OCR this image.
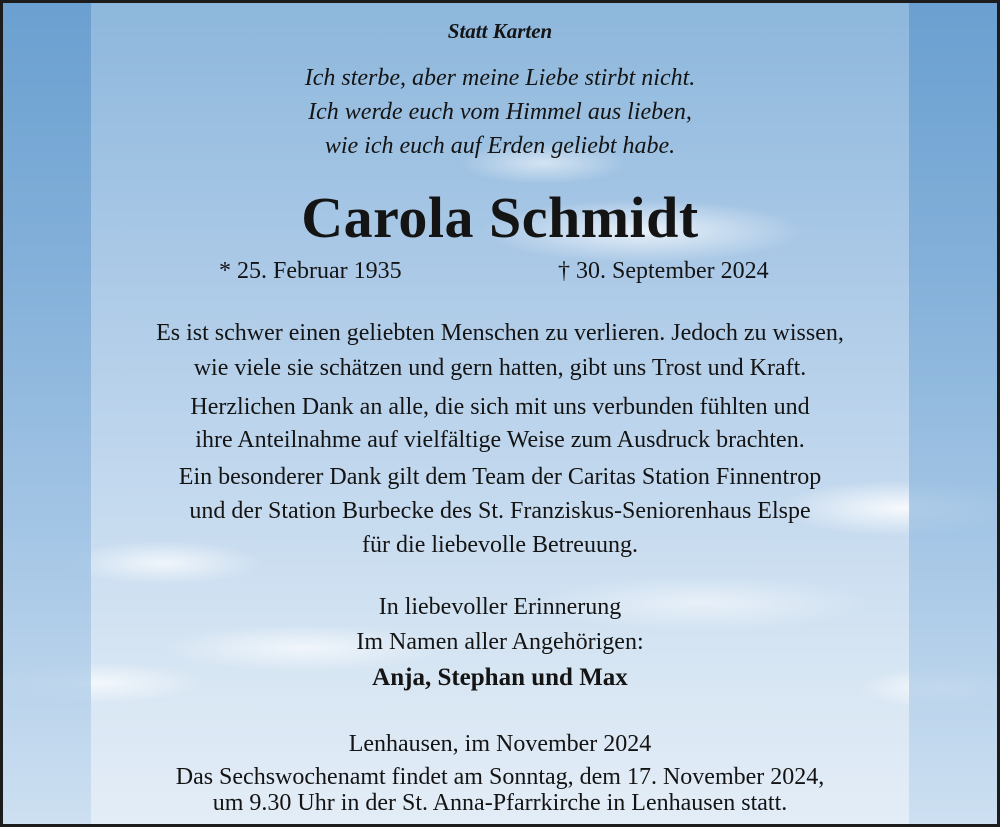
Statt Karten
Ich sterbe, aber meine Liebe stirbt nicht.
Ich werde euch vom Himmel aus lieben,
wie ich euch auf Erden geliebt habe.
Carola Schmidt
* 25. Februar 1935	† 30. September 2024
Es ist schwer einen geliebten Menschen zu verlieren. Jedoch zu wissen,
wie viele sie schätzen und gern hatten, gibt uns Trost und Kraft.
Herzlichen Dank an alle, die sich mit uns verbunden fühlten und
ihre Anteilnahme auf vielfältige Weise zum Ausdruck brachten.
Ein besonderer Dank gilt dem Team der Caritas Station Finnentrop
und der Station Burbecke des St. Franziskus-Seniorenhaus Elspe
für die liebevolle Betreuung.
In liebevoller Erinnerung
Im Namen aller Angehörigen:
Anja, Stephan und Max
Lenhausen, im November 2024
Das Sechswochenamt findet am Sonntag, dem 17. November 2024,
um 9.30 Uhr in der St. Anna-Pfarrkirche in Lenhausen statt.
